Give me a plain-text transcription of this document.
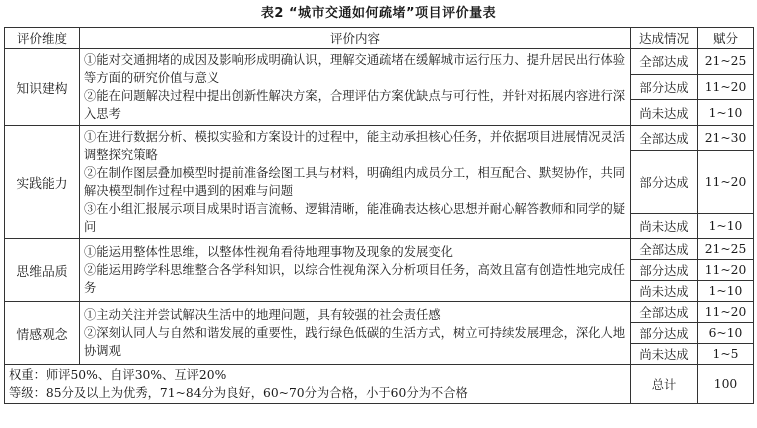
表2 “城市交通如何疏堵”项目评价量表
评价维度	评价内容	达成情况	赋分
知识建构	①能对交通拥堵的成因及影响形成明确认识，理解交通疏堵在缓解城市运行压力、提升居民出行体验等方面的研究价值与意义
②能在问题解决过程中提出创新性解决方案，合理评估方案优缺点与可行性，并针对拓展内容进行深入思考	全部达成	21~25
		部分达成	11~20
		尚未达成	1~10
实践能力	①在进行数据分析、模拟实验和方案设计的过程中，能主动承担核心任务，并依据项目进展情况灵活调整探究策略
②在制作图层叠加模型时提前准备绘图工具与材料，明确组内成员分工，相互配合、默契协作，共同解决模型制作过程中遇到的困难与问题
③在小组汇报展示项目成果时语言流畅、逻辑清晰，能准确表达核心思想并耐心解答教师和同学的疑问	全部达成	21~30
		部分达成	11~20
		尚未达成	1~10
思维品质	①能运用整体性思维，以整体性视角看待地理事物及现象的发展变化
②能运用跨学科思维整合各学科知识，以综合性视角深入分析项目任务，高效且富有创造性地完成任务	全部达成	21~25
		部分达成	11~20
		尚未达成	1~10
情感观念	①主动关注并尝试解决生活中的地理问题，具有较强的社会责任感
②深刻认同人与自然和谐发展的重要性，践行绿色低碳的生活方式，树立可持续发展理念，深化人地协调观	全部达成	11~20
		部分达成	6~10
		尚未达成	1~5

权重：师评50%、自评30%、互评20%
等级：85分及以上为优秀，71~84分为良好，60~70分为合格，小于60分为不合格		总计	100
